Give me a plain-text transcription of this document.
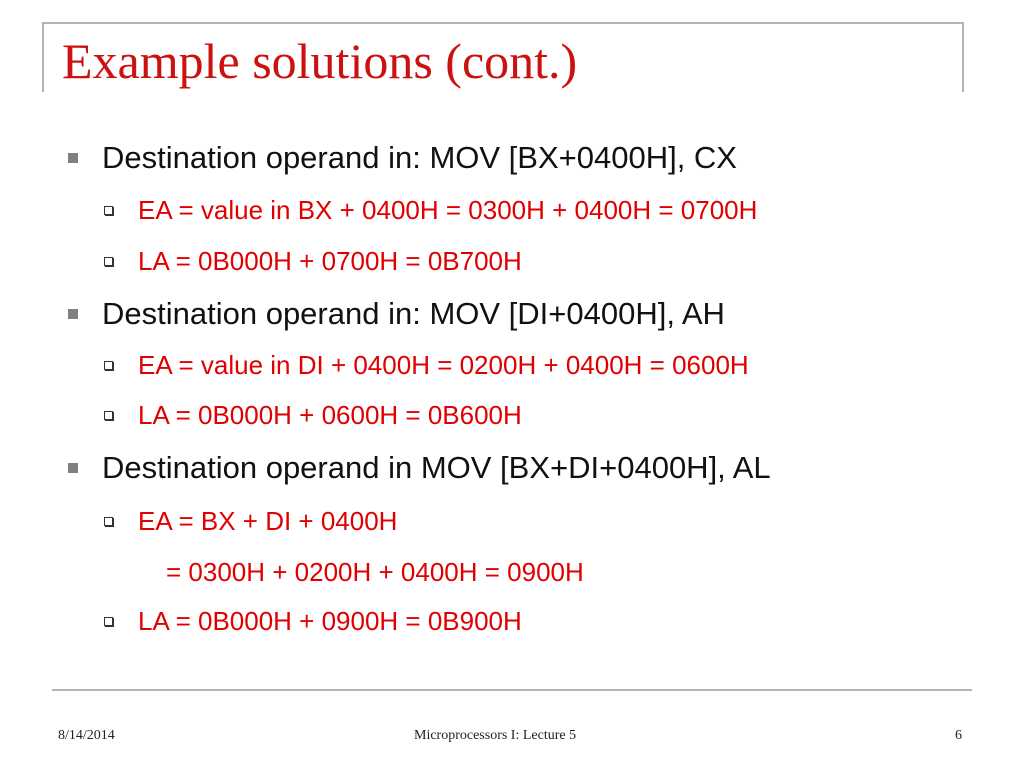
Example solutions (cont.)
Destination operand in: MOV [BX+0400H], CX
EA = value in BX + 0400H = 0300H + 0400H = 0700H
LA = 0B000H + 0700H = 0B700H
Destination operand in: MOV [DI+0400H], AH
EA = value in DI + 0400H = 0200H + 0400H = 0600H
LA = 0B000H + 0600H = 0B600H
Destination operand in MOV [BX+DI+0400H], AL
EA = BX + DI + 0400H
= 0300H + 0200H + 0400H = 0900H
LA = 0B000H + 0900H = 0B900H
8/14/2014	Microprocessors I: Lecture 5	6
